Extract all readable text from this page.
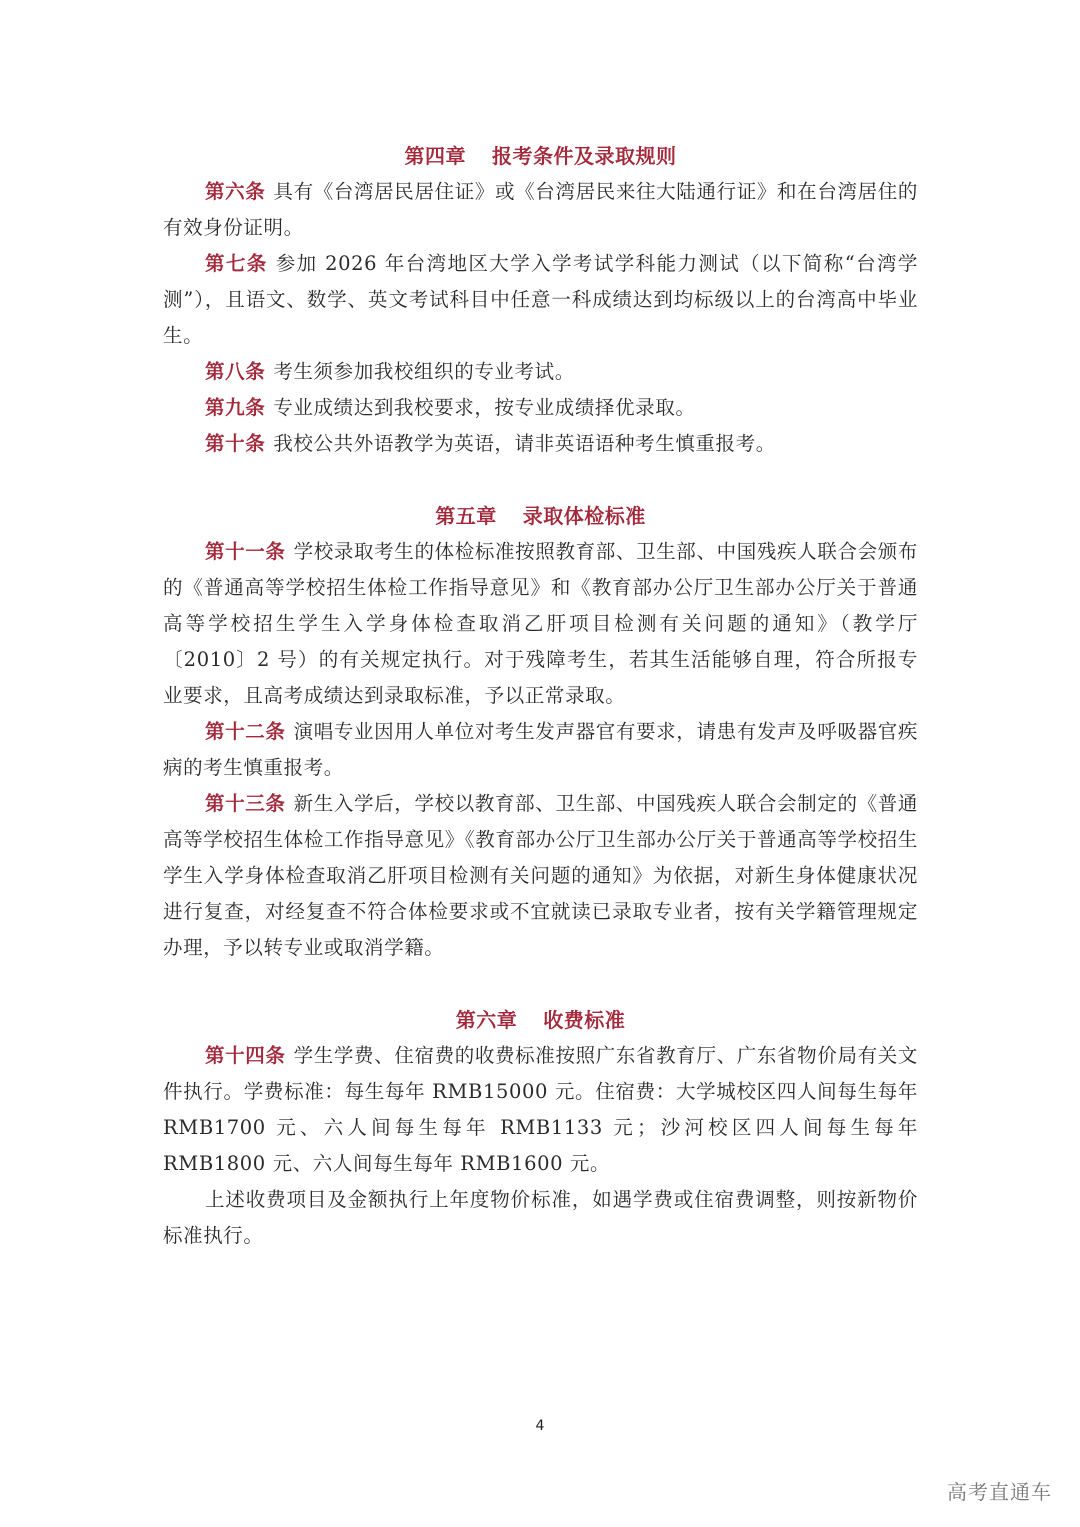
第四章 报考条件及录取规则

第六条 具有《台湾居民居住证》或《台湾居民来往大陆通行证》和在台湾居住的有效身份证明。

第七条 参加 2026 年台湾地区大学入学考试学科能力测试（以下简称“台湾学测”），且语文、数学、英文考试科目中任意一科成绩达到均标级以上的台湾高中毕业生。

第八条 考生须参加我校组织的专业考试。

第九条 专业成绩达到我校要求，按专业成绩择优录取。

第十条 我校公共外语教学为英语，请非英语语种考生慎重报考。

第五章 录取体检标准

第十一条 学校录取考生的体检标准按照教育部、卫生部、中国残疾人联合会颁布的《普通高等学校招生体检工作指导意见》和《教育部办公厅卫生部办公厅关于普通高等学校招生学生入学身体检查取消乙肝项目检测有关问题的通知》（教学厅〔2010〕2 号）的有关规定执行。对于残障考生，若其生活能够自理，符合所报专业要求，且高考成绩达到录取标准，予以正常录取。

第十二条 演唱专业因用人单位对考生发声器官有要求，请患有发声及呼吸器官疾病的考生慎重报考。

第十三条 新生入学后，学校以教育部、卫生部、中国残疾人联合会制定的《普通高等学校招生体检工作指导意见》《教育部办公厅卫生部办公厅关于普通高等学校招生学生入学身体检查取消乙肝项目检测有关问题的通知》为依据，对新生身体健康状况进行复查，对经复查不符合体检要求或不宜就读已录取专业者，按有关学籍管理规定办理，予以转专业或取消学籍。

第六章 收费标准

第十四条 学生学费、住宿费的收费标准按照广东省教育厅、广东省物价局有关文件执行。学费标准：每生每年 RMB15000 元。住宿费：大学城校区四人间每生每年 RMB1700 元、六人间每生每年 RMB1133 元；沙河校区四人间每生每年 RMB1800 元、六人间每生每年 RMB1600 元。

上述收费项目及金额执行上年度物价标准，如遇学费或住宿费调整，则按新物价标准执行。

4
高考直通车
